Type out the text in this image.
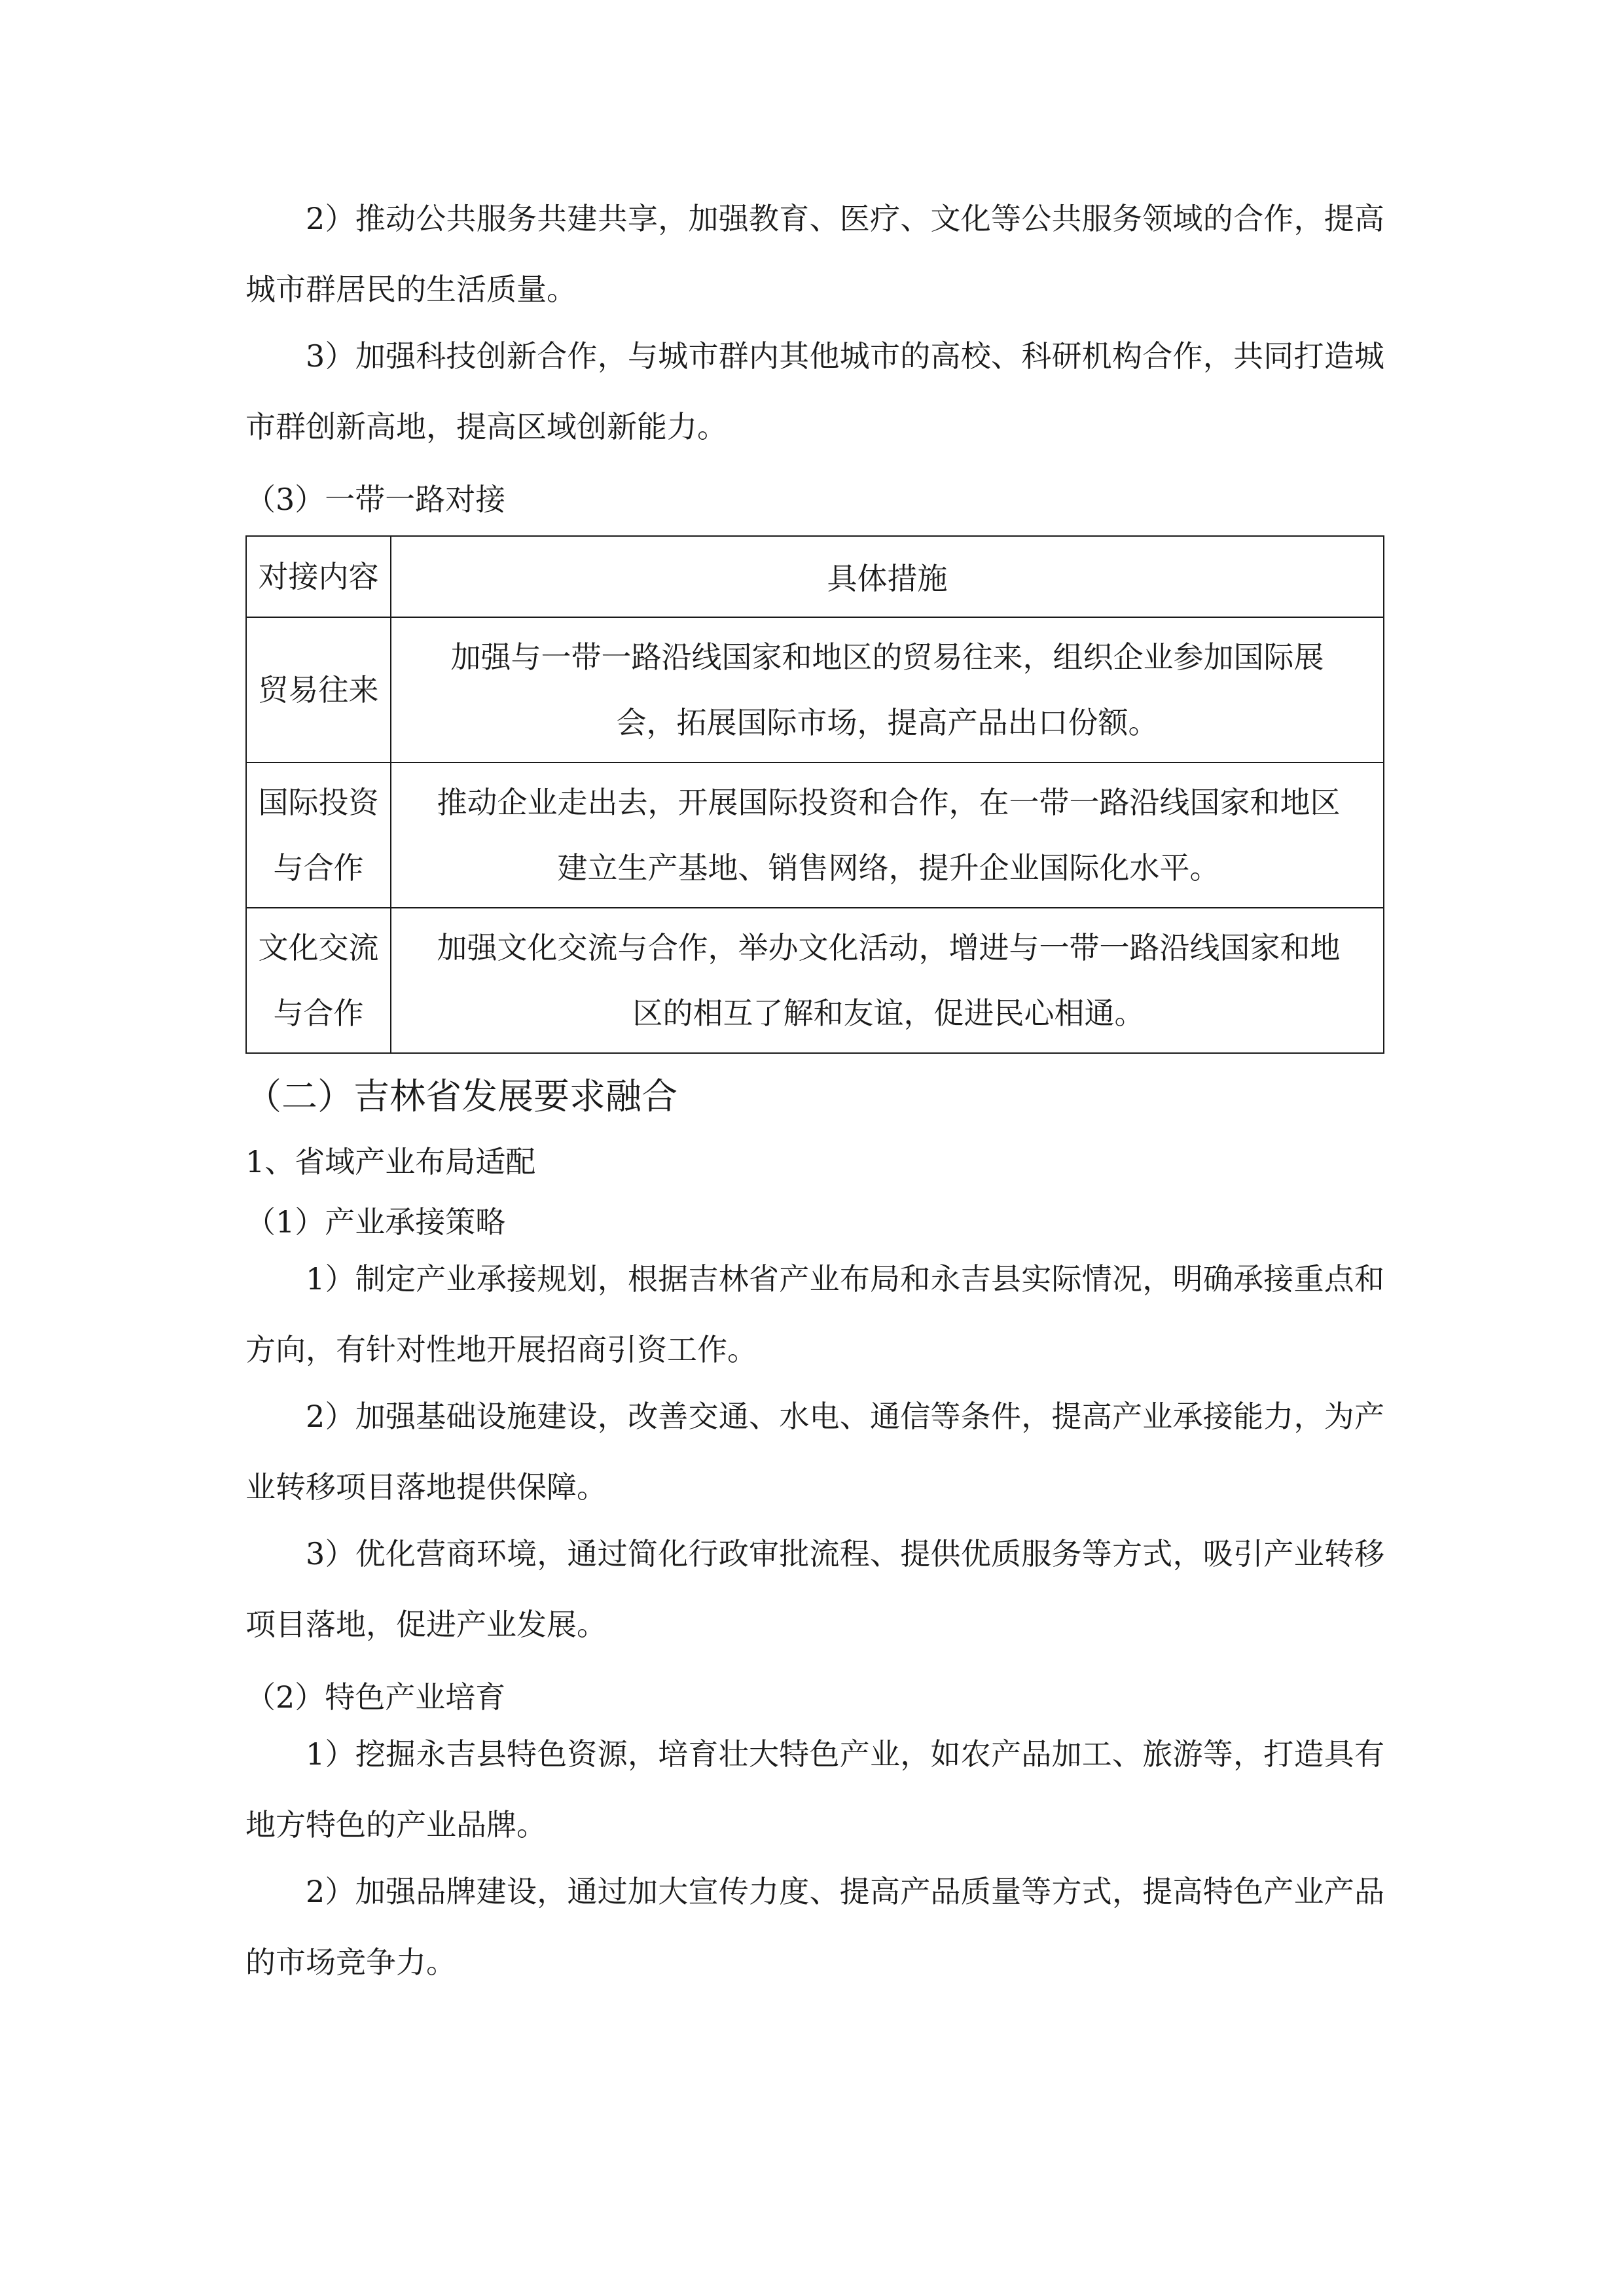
2）推动公共服务共建共享，加强教育、医疗、文化等公共服务领域的合作，提高城市群居民的生活质量。

3）加强科技创新合作，与城市群内其他城市的高校、科研机构合作，共同打造城市群创新高地，提高区域创新能力。

（3）一带一路对接

对接内容	具体措施
贸易往来	加强与一带一路沿线国家和地区的贸易往来，组织企业参加国际展
会，拓展国际市场，提高产品出口份额。
国际投资
与合作	推动企业走出去，开展国际投资和合作，在一带一路沿线国家和地区
建立生产基地、销售网络，提升企业国际化水平。
文化交流
与合作	加强文化交流与合作，举办文化活动，增进与一带一路沿线国家和地
区的相互了解和友谊，促进民心相通。

（二）吉林省发展要求融合

1、省域产业布局适配

（1）产业承接策略

1）制定产业承接规划，根据吉林省产业布局和永吉县实际情况，明确承接重点和方向，有针对性地开展招商引资工作。

2）加强基础设施建设，改善交通、水电、通信等条件，提高产业承接能力，为产业转移项目落地提供保障。

3）优化营商环境，通过简化行政审批流程、提供优质服务等方式，吸引产业转移项目落地，促进产业发展。

（2）特色产业培育

1）挖掘永吉县特色资源，培育壮大特色产业，如农产品加工、旅游等，打造具有地方特色的产业品牌。

2）加强品牌建设，通过加大宣传力度、提高产品质量等方式，提高特色产业产品的市场竞争力。
